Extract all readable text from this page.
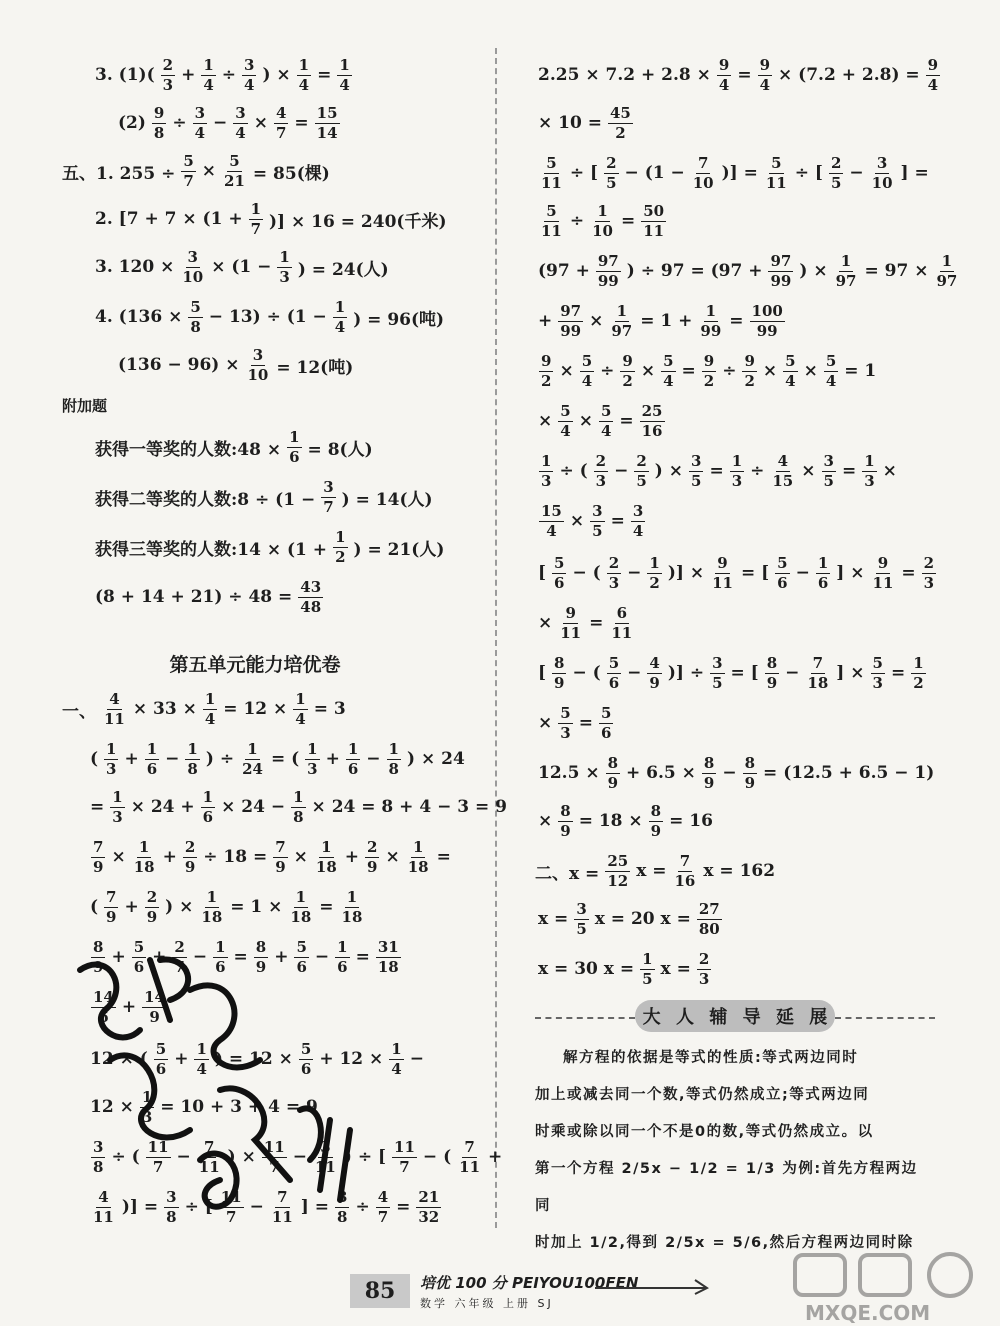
3. $(1)( \frac{2}{3} + \frac{1}{4} \div \frac{3}{4}$ ) × $\frac{1}{4} = \frac{1}{4}$
$(2) \frac{9}{8} \div \frac{3}{4} - \frac{3}{4} \times \frac{4}{7} = \frac{15}{14}$
五、1. $255 \div \frac{5}{7} \times \frac{5}{21} = 85$(棵)
2. [$7 + 7 \times (1 + \frac{1}{7}$ )] × 16 = 240(千米)
3. $120 \times \frac{3}{10} \times (1 - \frac{1}{3}$ ) = 24(人)
4. $(136 \times \frac{5}{8} - 13) \div (1 - \frac{1}{4}$ ) = 96(吨)
$(136 - 96) \times \frac{3}{10} = 12$(吨)
附加题
获得一等奖的人数:48 × $\frac{1}{6} = 8$(人)
获得二等奖的人数:8 ÷ ($1 - \frac{3}{7}$ ) = 14(人)
获得三等奖的人数:14 × ($1 + \frac{1}{2}$ ) = 21(人)
$(8 + 14 + 21) \div 48 = \frac{43}{48}$
第五单元能力培优卷
一、 $\frac{4}{11} \times 33 \times \frac{1}{4} = 12 \times \frac{1}{4} = 3$
( $\frac{1}{3} + \frac{1}{6} - \frac{1}{8}$ ) ÷ $\frac{1}{24}$ = ( $\frac{1}{3} + \frac{1}{6} - \frac{1}{8}$ ) × 24
= $\frac{1}{3} \times 24 + \frac{1}{6} \times 24 - \frac{1}{8} \times 24 = 8 + 4 - 3 = 9$
$\frac{7}{9} \times \frac{1}{18} + \frac{2}{9} \div 18 = \frac{7}{9} \times \frac{1}{18} + \frac{2}{9} \times \frac{1}{18}$ =
( $\frac{7}{9} + \frac{2}{9}$ ) × $\frac{1}{18} = 1 \times \frac{1}{18} = \frac{1}{18}$
$\frac{8}{9} + \frac{5}{6} + \frac{2}{7} - \frac{1}{6} = \frac{8}{9} + \frac{5}{6} - \frac{1}{6} = \frac{31}{18}$
$\frac{14}{6} + \frac{14}{9}$
12 × ( $\frac{5}{6} + \frac{1}{4}$ ) = $12 \times \frac{5}{6} + 12 \times \frac{1}{4}$ −
$12 \times \frac{1}{3} = 10 + 3 + 4 = 9$
$\frac{3}{8}$ ÷ ( $\frac{11}{7} - \frac{7}{11}$ ) × $\frac{11}{7} - \frac{3}{11}$ ) ÷ [ $\frac{11}{7}$ − ( $\frac{7}{11}$ +
$\frac{4}{11}$ )] = $\frac{3}{8}$ ÷ [ $\frac{11}{7} - \frac{7}{11}$ ] = $\frac{3}{8} \div \frac{4}{7} = \frac{21}{32}$
$2.25 \times 7.2 + 2.8 \times \frac{9}{4} = \frac{9}{4} \times (7.2 + 2.8) = \frac{9}{4}$
× $10 = \frac{45}{2}$
$\frac{5}{11}$ ÷ [ $\frac{2}{5} - (1 - \frac{7}{10}$ )] = $\frac{5}{11}$ ÷ [ $\frac{2}{5} - \frac{3}{10}$ ] =
$\frac{5}{11} \div \frac{1}{10} = \frac{50}{11}$
($97 + \frac{97}{99}$ ) ÷ $97 = (97 + \frac{97}{99}$ ) × $\frac{1}{97} = 97 \times \frac{1}{97}$
+ $\frac{97}{99} \times \frac{1}{97} = 1 + \frac{1}{99} = \frac{100}{99}$
$\frac{9}{2} \times \frac{5}{4} \div \frac{9}{2} \times \frac{5}{4} = \frac{9}{2} \div \frac{9}{2} \times \frac{5}{4} \times \frac{5}{4} = 1$
× $\frac{5}{4} \times \frac{5}{4} = \frac{25}{16}$
$\frac{1}{3}$ ÷ ( $\frac{2}{3} - \frac{2}{5}$ ) × $\frac{3}{5} = \frac{1}{3} \div \frac{4}{15} \times \frac{3}{5} = \frac{1}{3}$ ×
$\frac{15}{4} \times \frac{3}{5} = \frac{3}{4}$
[ $\frac{5}{6}$ − ( $\frac{2}{3} - \frac{1}{2}$ )] × $\frac{9}{11}$ = [ $\frac{5}{6} - \frac{1}{6}$ ] × $\frac{9}{11} = \frac{2}{3}$
× $\frac{9}{11} = \frac{6}{11}$
[ $\frac{8}{9}$ − ( $\frac{5}{6} - \frac{4}{9}$ )] ÷ $\frac{3}{5}$ = [ $\frac{8}{9} - \frac{7}{18}$ ] × $\frac{5}{3} = \frac{1}{2}$
× $\frac{5}{3} = \frac{5}{6}$
$12.5 \times \frac{8}{9} + 6.5 \times \frac{8}{9} - \frac{8}{9} = (12.5 + 6.5 - 1)$
× $\frac{8}{9} = 18 \times \frac{8}{9} = 16$
二、$x = \frac{25}{12}$ $x = \frac{7}{16}$ x = 162
$x = \frac{3}{5}$ x = 20 $x = \frac{27}{80}$
x = 30 $x = \frac{1}{5}$ $x = \frac{2}{3}$
大 人 辅 导 延 展

解方程的依据是等式的性质:等式两边同时

加上或减去同一个数,等式仍然成立;等式两边同

时乘或除以同一个不是0的数,等式仍然成立。以

第一个方程 2/5x − 1/2 = 1/3 为例:首先方程两边同

时加上 1/2,得到 2/5x = 5/6,然后方程两边同时除

85	培优 100 分 PEIYOU100FEN
数学 六年级 上册 SJ	MXQE.COM
